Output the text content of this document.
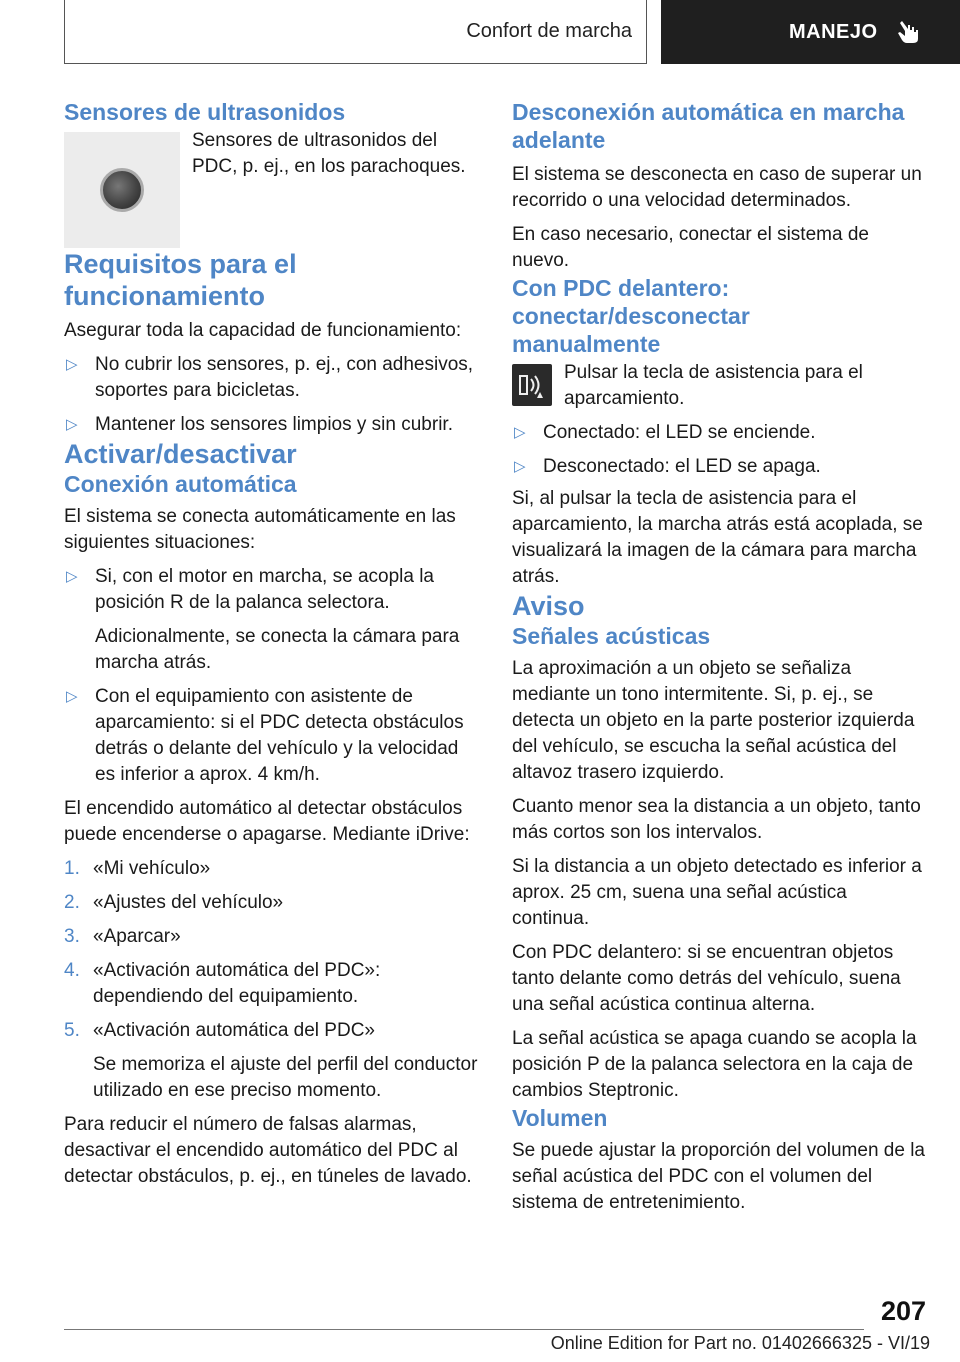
Confort de marcha	MANEJO
Sensores de ultrasonidos

Sensores de ultrasonidos del PDC, p. ej., en los parachoques.

Requisitos para el funcionamiento

Asegurar toda la capacidad de funcionamiento:

▷ No cubrir los sensores, p. ej., con adhesivos, soportes para bicicletas.

▷ Mantener los sensores limpios y sin cubrir.

Activar/desactivar
Conexión automática

El sistema se conecta automáticamente en las siguientes situaciones:

▷ Si, con el motor en marcha, se acopla la posición R de la palanca selectora.

Adicionalmente, se conecta la cámara para marcha atrás.

▷ Con el equipamiento con asistente de aparcamiento: si el PDC detecta obstáculos detrás o delante del vehículo y la velocidad es inferior a aprox. 4 km/h.

El encendido automático al detectar obstáculos puede encenderse o apagarse. Mediante iDrive:

1. «Mi vehículo»

2. «Ajustes del vehículo»

3. «Aparcar»

4. «Activación automática del PDC»: dependiendo del equipamiento.

5. «Activación automática del PDC»

Se memoriza el ajuste del perfil del conductor utilizado en ese preciso momento.

Para reducir el número de falsas alarmas, desactivar el encendido automático del PDC al detectar obstáculos, p. ej., en túneles de lavado.

Desconexión automática en marcha adelante

El sistema se desconecta en caso de superar un recorrido o una velocidad determinados.

En caso necesario, conectar el sistema de nuevo.

Con PDC delantero: conectar/desconectar manualmente

Pulsar la tecla de asistencia para el aparcamiento.

▷ Conectado: el LED se enciende.

▷ Desconectado: el LED se apaga.

Si, al pulsar la tecla de asistencia para el aparcamiento, la marcha atrás está acoplada, se visualizará la imagen de la cámara para marcha atrás.

Aviso
Señales acústicas

La aproximación a un objeto se señaliza mediante un tono intermitente. Si, p. ej., se detecta un objeto en la parte posterior izquierda del vehículo, se escucha la señal acústica del altavoz trasero izquierdo.

Cuanto menor sea la distancia a un objeto, tanto más cortos son los intervalos.

Si la distancia a un objeto detectado es inferior a aprox. 25 cm, suena una señal acústica continua.

Con PDC delantero: si se encuentran objetos tanto delante como detrás del vehículo, suena una señal acústica continua alterna.

La señal acústica se apaga cuando se acopla la posición P de la palanca selectora en la caja de cambios Steptronic.

Volumen

Se puede ajustar la proporción del volumen de la señal acústica del PDC con el volumen del sistema de entretenimiento.

207
Online Edition for Part no. 01402666325 - VI/19
